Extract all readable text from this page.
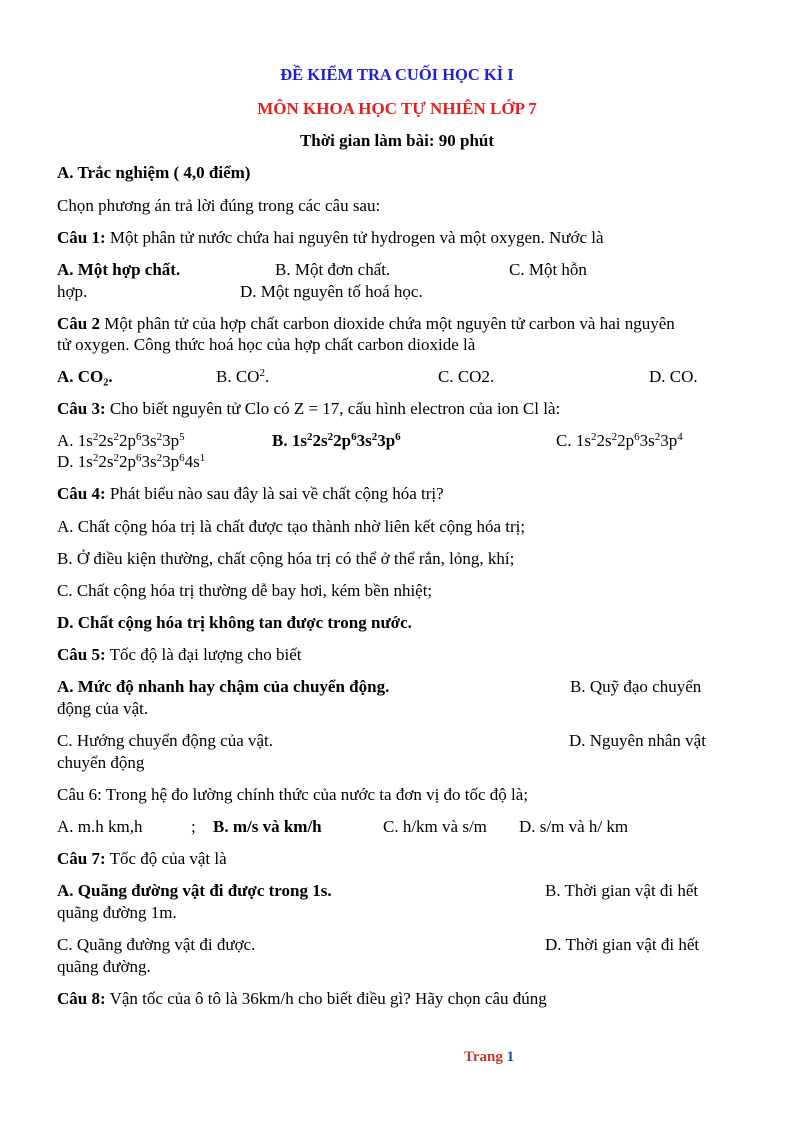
ĐỀ KIỂM TRA CUỐI HỌC KÌ I
MÔN KHOA HỌC TỰ NHIÊN LỚP 7
Thời gian làm bài: 90 phút
A. Trắc nghiệm ( 4,0 điểm)
Chọn phương án trả lời đúng trong các câu sau:
Câu 1: Một phân tử nước chứa hai nguyên tử hydrogen và một oxygen. Nước là
A. Một hợp chất.	B. Một đơn chất.	C. Một hỗn
hợp.	D. Một nguyên tố hoá học.
Câu 2 Một phân tử của hợp chất carbon dioxide chứa một nguyên tử carbon và hai nguyên
tử oxygen. Công thức hoá học của hợp chất carbon dioxide là
A. CO₂.	B. $CO^2$.	C. CO2.	D. CO.
Câu 3: Cho biết nguyên tử Clo có Z = 17, cấu hình electron của ion Cl là:
A. $1s^22s^22p^63s^23p^5$	B. $1s^22s^22p^63s^23p^6$	C. $1s^22s^22p^63s^23p^4$
D. $1s^22s^22p^63s^23p^64s^1$
Câu 4: Phát biểu nào sau đây là sai về chất cộng hóa trị?
A. Chất cộng hóa trị là chất được tạo thành nhờ liên kết cộng hóa trị;
B. Ở điều kiện thường, chất cộng hóa trị có thể ở thể rắn, lỏng, khí;
C. Chất cộng hóa trị thường dễ bay hơi, kém bền nhiệt;
D. Chất cộng hóa trị không tan được trong nước.
Câu 5: Tốc độ là đại lượng cho biết
A. Mức độ nhanh hay chậm của chuyển động.	B. Quỹ đạo chuyển
động của vật.
C. Hướng chuyển động của vật.	D. Nguyên nhân vật
chuyển động
Câu 6: Trong hệ đo lường chính thức của nước ta đơn vị đo tốc độ là;
A. m.h km,h	; B. m/s và km/h	C. h/km và s/m D. s/m và h/ km
Câu 7: Tốc độ của vật là
A. Quãng đường vật đi được trong 1s.	B. Thời gian vật đi hết
quãng đường 1m.
C. Quãng đường vật đi được.	D. Thời gian vật đi hết
quãng đường.
Câu 8: Vận tốc của ô tô là 36km/h cho biết điều gì? Hãy chọn câu đúng
Trang 1
